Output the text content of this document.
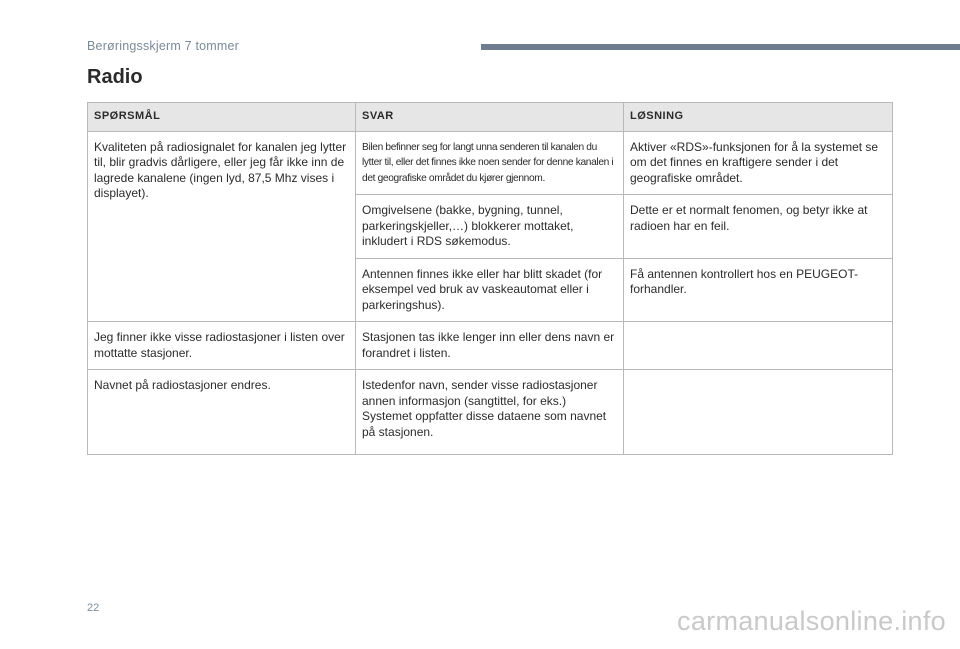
Berøringsskjerm 7 tommer
Radio
SPØRSMÅL	SVAR	LØSNING
Kvaliteten på radiosignalet for kanalen jeg lytter til, blir gradvis dårligere, eller jeg får ikke inn de lagrede kanalene (ingen lyd, 87,5 Mhz vises i displayet).	Bilen befinner seg for langt unna senderen til kanalen du lytter til, eller det finnes ikke noen sender for denne kanalen i det geografiske området du kjører gjennom.	Aktiver «RDS»-funksjonen for å la systemet se om det finnes en kraftigere sender i det geografiske området.
	Omgivelsene (bakke, bygning, tunnel, parkeringskjeller,…) blokkerer mottaket, inkludert i RDS søkemodus.	Dette er et normalt fenomen, og betyr ikke at radioen har en feil.
	Antennen finnes ikke eller har blitt skadet (for eksempel ved bruk av vaskeautomat eller i parkeringshus).	Få antennen kontrollert hos en PEUGEOT-forhandler.
Jeg finner ikke visse radiostasjoner i listen over mottatte stasjoner.	Stasjonen tas ikke lenger inn eller dens navn er forandret i listen.	
Navnet på radiostasjoner endres.	Istedenfor navn, sender visse radiostasjoner annen informasjon (sangtittel, for eks.) Systemet oppfatter disse dataene som navnet på stasjonen.	
22	carmanualsonline.info
